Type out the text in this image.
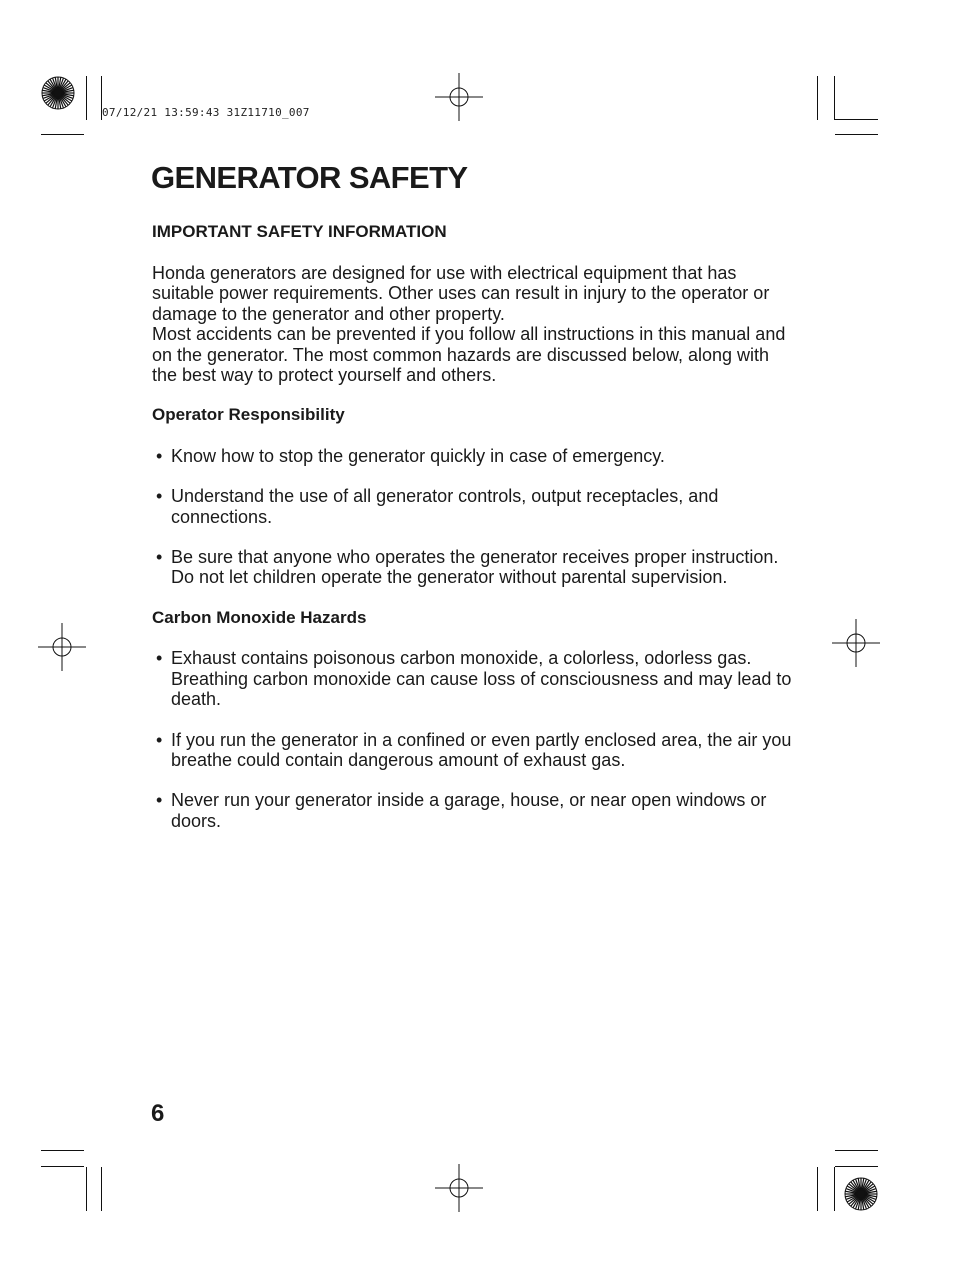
07/12/21 13:59:43 31Z11710_007
GENERATOR SAFETY
IMPORTANT SAFETY INFORMATION

Honda generators are designed for use with electrical equipment that has suitable power requirements. Other uses can result in injury to the operator or damage to the generator and other property.

Most accidents can be prevented if you follow all instructions in this manual and on the generator. The most common hazards are discussed below, along with the best way to protect yourself and others.

Operator Responsibility
• Know how to stop the generator quickly in case of emergency.
• Understand the use of all generator controls, output receptacles, and connections.
• Be sure that anyone who operates the generator receives proper instruction. Do not let children operate the generator without parental supervision.
Carbon Monoxide Hazards
• Exhaust contains poisonous carbon monoxide, a colorless, odorless gas. Breathing carbon monoxide can cause loss of consciousness and may lead to death.
• If you run the generator in a confined or even partly enclosed area, the air you breathe could contain dangerous amount of exhaust gas.
• Never run your generator inside a garage, house, or near open windows or doors.
6
